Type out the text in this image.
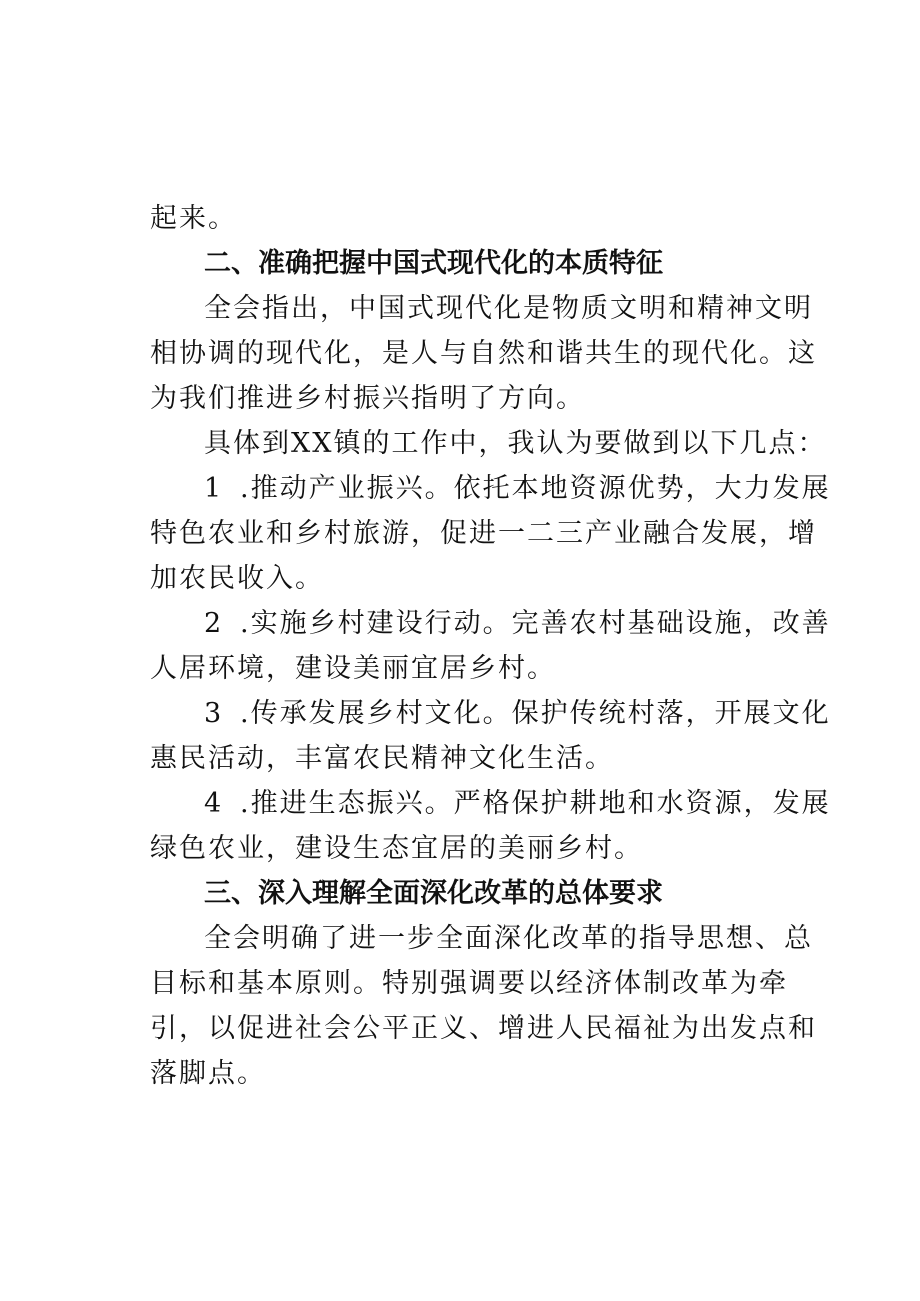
起来。
二、准确把握中国式现代化的本质特征
全会指出，中国式现代化是物质文明和精神文明
相协调的现代化，是人与自然和谐共生的现代化。这
为我们推进乡村振兴指明了方向。
具体到XX镇的工作中，我认为要做到以下几点：
1 .推动产业振兴。依托本地资源优势，大力发展
特色农业和乡村旅游，促进一二三产业融合发展，增
加农民收入。
2 .实施乡村建设行动。完善农村基础设施，改善
人居环境，建设美丽宜居乡村。
3 .传承发展乡村文化。保护传统村落，开展文化
惠民活动，丰富农民精神文化生活。
4 .推进生态振兴。严格保护耕地和水资源，发展
绿色农业，建设生态宜居的美丽乡村。
三、深入理解全面深化改革的总体要求
全会明确了进一步全面深化改革的指导思想、总
目标和基本原则。特别强调要以经济体制改革为牵
引，以促进社会公平正义、增进人民福祉为出发点和
落脚点。
